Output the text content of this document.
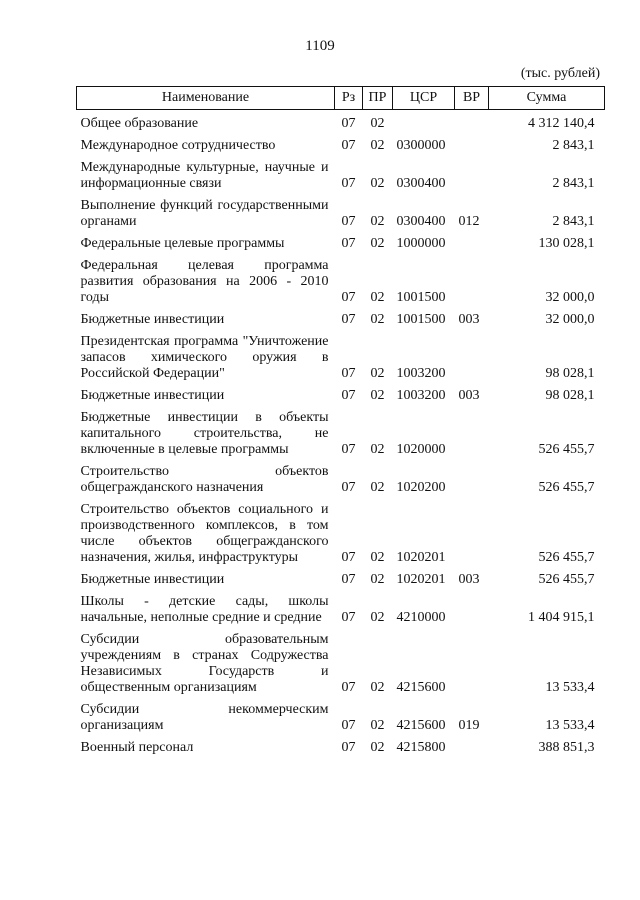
1109
(тыс. рублей)
Наименование	Рз	ПР	ЦСР	ВР	Сумма
Общее образование	07	02			4 312 140,4
Международное сотрудничество	07	02	0300000		2 843,1
Международные культурные, научные и информационные связи	07	02	0300400		2 843,1
Выполнение функций государственными органами	07	02	0300400	012	2 843,1
Федеральные целевые программы	07	02	1000000		130 028,1
Федеральная целевая программа развития образования на 2006 - 2010 годы	07	02	1001500		32 000,0
Бюджетные инвестиции	07	02	1001500	003	32 000,0
Президентская программа "Уничтожение запасов химического оружия в Российской Федерации"	07	02	1003200		98 028,1
Бюджетные инвестиции	07	02	1003200	003	98 028,1
Бюджетные инвестиции в объекты капитального строительства, не включенные в целевые программы	07	02	1020000		526 455,7
Строительство объектов общегражданского назначения	07	02	1020200		526 455,7
Строительство объектов социального и производственного комплексов, в том числе объектов общегражданского назначения, жилья, инфраструктуры	07	02	1020201		526 455,7
Бюджетные инвестиции	07	02	1020201	003	526 455,7
Школы - детские сады, школы начальные, неполные средние и средние	07	02	4210000		1 404 915,1
Субсидии образовательным учреждениям в странах Содружества Независимых Государств и общественным организациям	07	02	4215600		13 533,4
Субсидии некоммерческим организациям	07	02	4215600	019	13 533,4
Военный персонал	07	02	4215800		388 851,3
